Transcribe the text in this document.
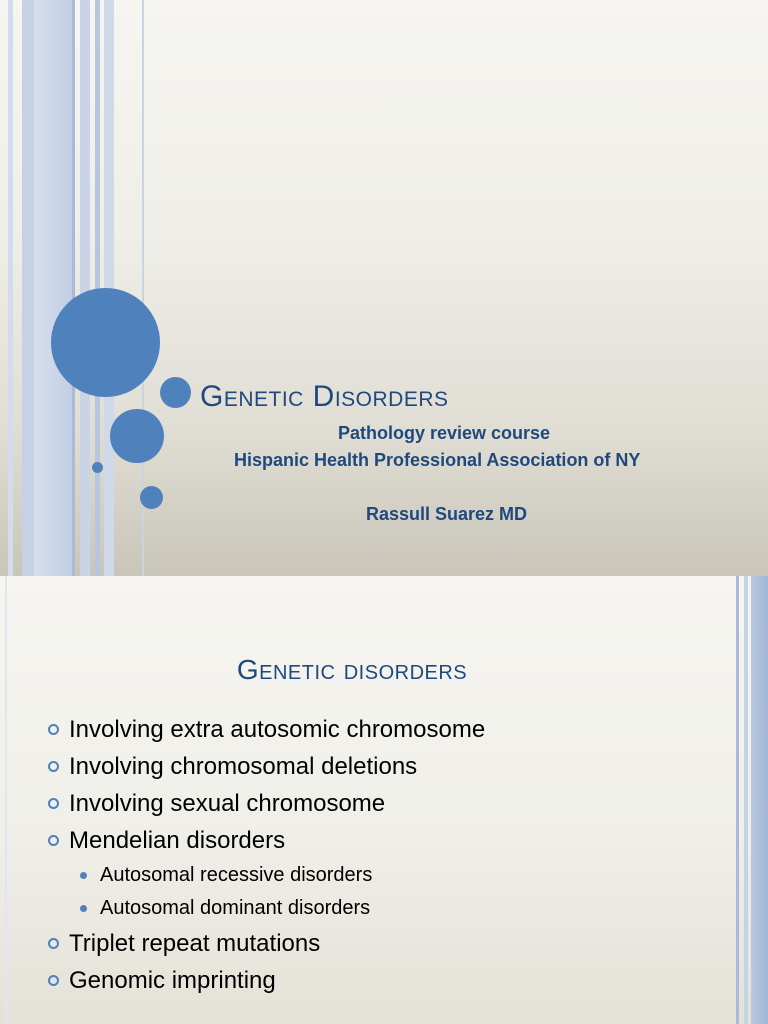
Genetic Disorders
Pathology review course
Hispanic Health Professional Association of NY
Rassull Suarez MD
Genetic disorders
Involving extra autosomic chromosome
Involving chromosomal deletions
Involving sexual chromosome
Mendelian disorders
Autosomal recessive disorders
Autosomal dominant disorders
Triplet repeat mutations
Genomic imprinting
